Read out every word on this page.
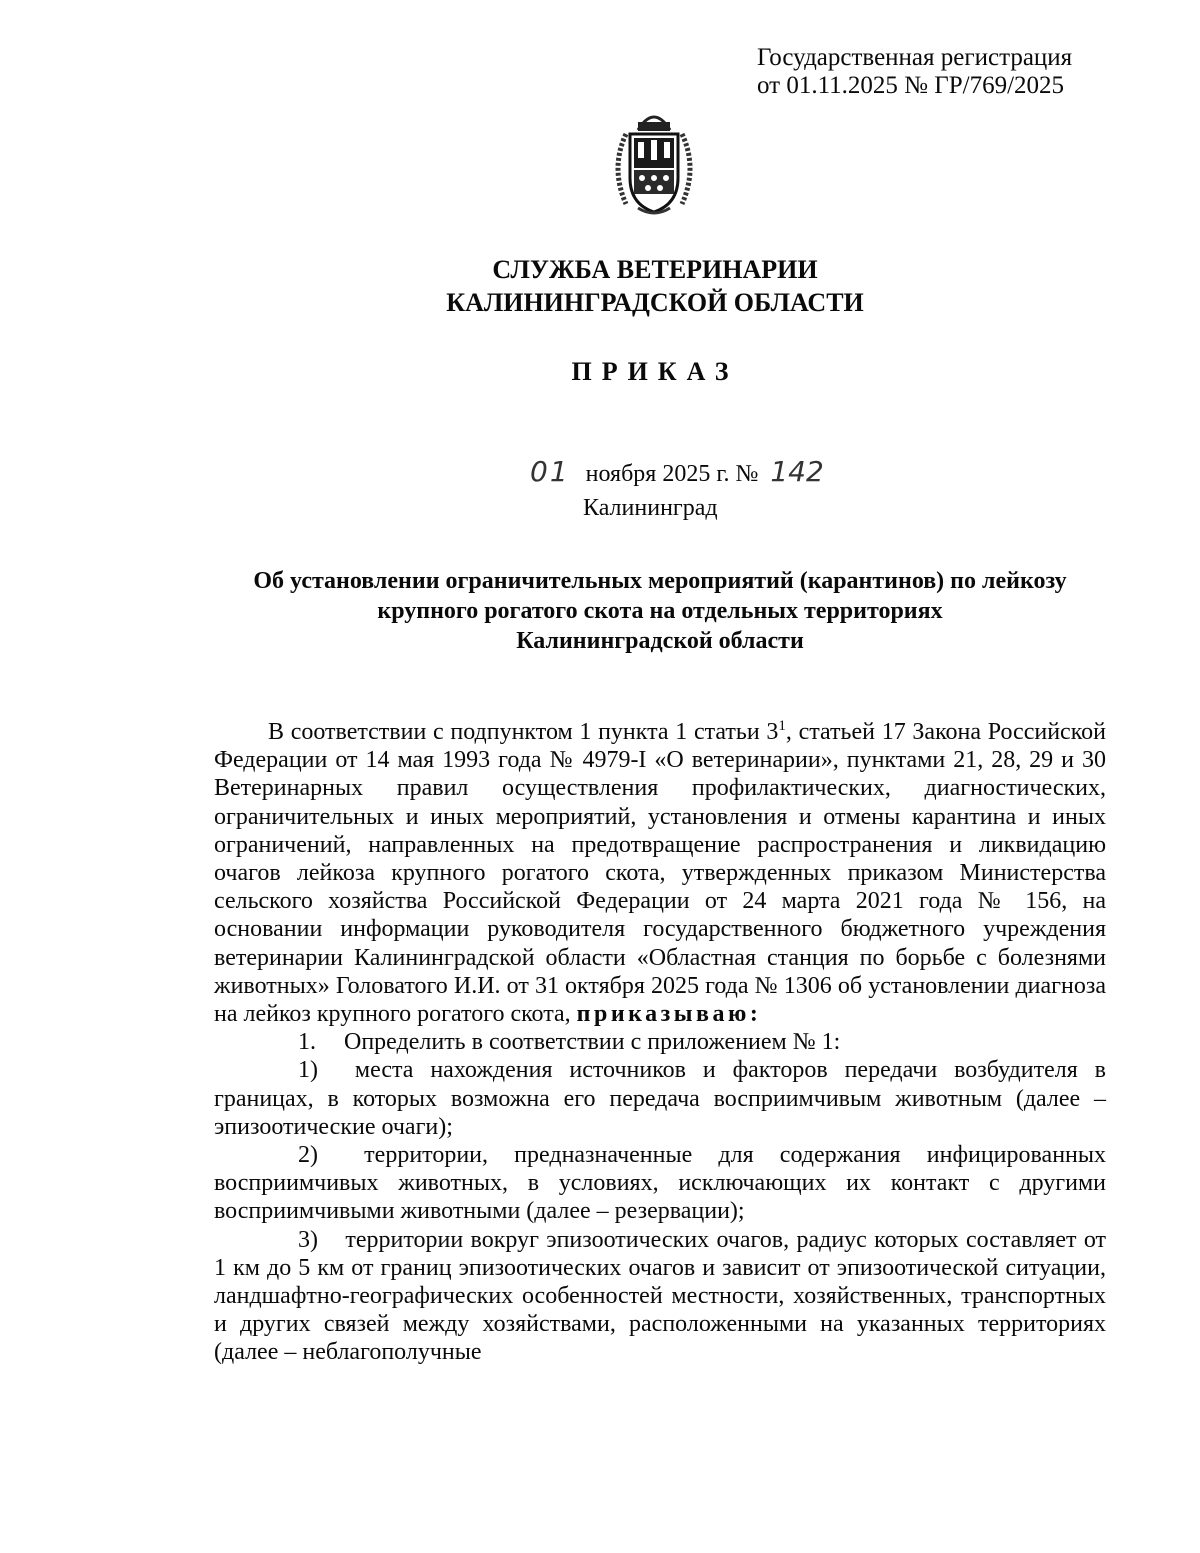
Государственная регистрация
от 01.11.2025 № ГР/769/2025
СЛУЖБА ВЕТЕРИНАРИИ
КАЛИНИНГРАДСКОЙ ОБЛАСТИ
ПРИКАЗ
01 ноября 2025 г. № 142
Калининград
Об установлении ограничительных мероприятий (карантинов) по лейкозу
крупного рогатого скота на отдельных территориях
Калининградской области

В соответствии с подпунктом 1 пункта 1 статьи $3^1$, статьей 17 Закона Российской Федерации от 14 мая 1993 года № 4979-I «О ветеринарии», пунктами 21, 28, 29 и 30 Ветеринарных правил осуществления профилактических, диагностических, ограничительных и иных мероприятий, установления и отмены карантина и иных ограничений, направленных на предотвращение распространения и ликвидацию очагов лейкоза крупного рогатого скота, утвержденных приказом Министерства сельского хозяйства Российской Федерации от 24 марта 2021 года № 156, на основании информации руководителя государственного бюджетного учреждения ветеринарии Калининградской области «Областная станция по борьбе с болезнями животных» Головатого И.И. от 31 октября 2025 года № 1306 об установлении диагноза на лейкоз крупного рогатого скота, приказываю:

1. Определить в соответствии с приложением № 1:

1) места нахождения источников и факторов передачи возбудителя в границах, в которых возможна его передача восприимчивым животным (далее – эпизоотические очаги);

2) территории, предназначенные для содержания инфицированных восприимчивых животных, в условиях, исключающих их контакт с другими восприимчивыми животными (далее – резервации);

3) территории вокруг эпизоотических очагов, радиус которых составляет от 1 км до 5 км от границ эпизоотических очагов и зависит от эпизоотической ситуации, ландшафтно-географических особенностей местности, хозяйственных, транспортных и других связей между хозяйствами, расположенными на указанных территориях (далее – неблагополучные
